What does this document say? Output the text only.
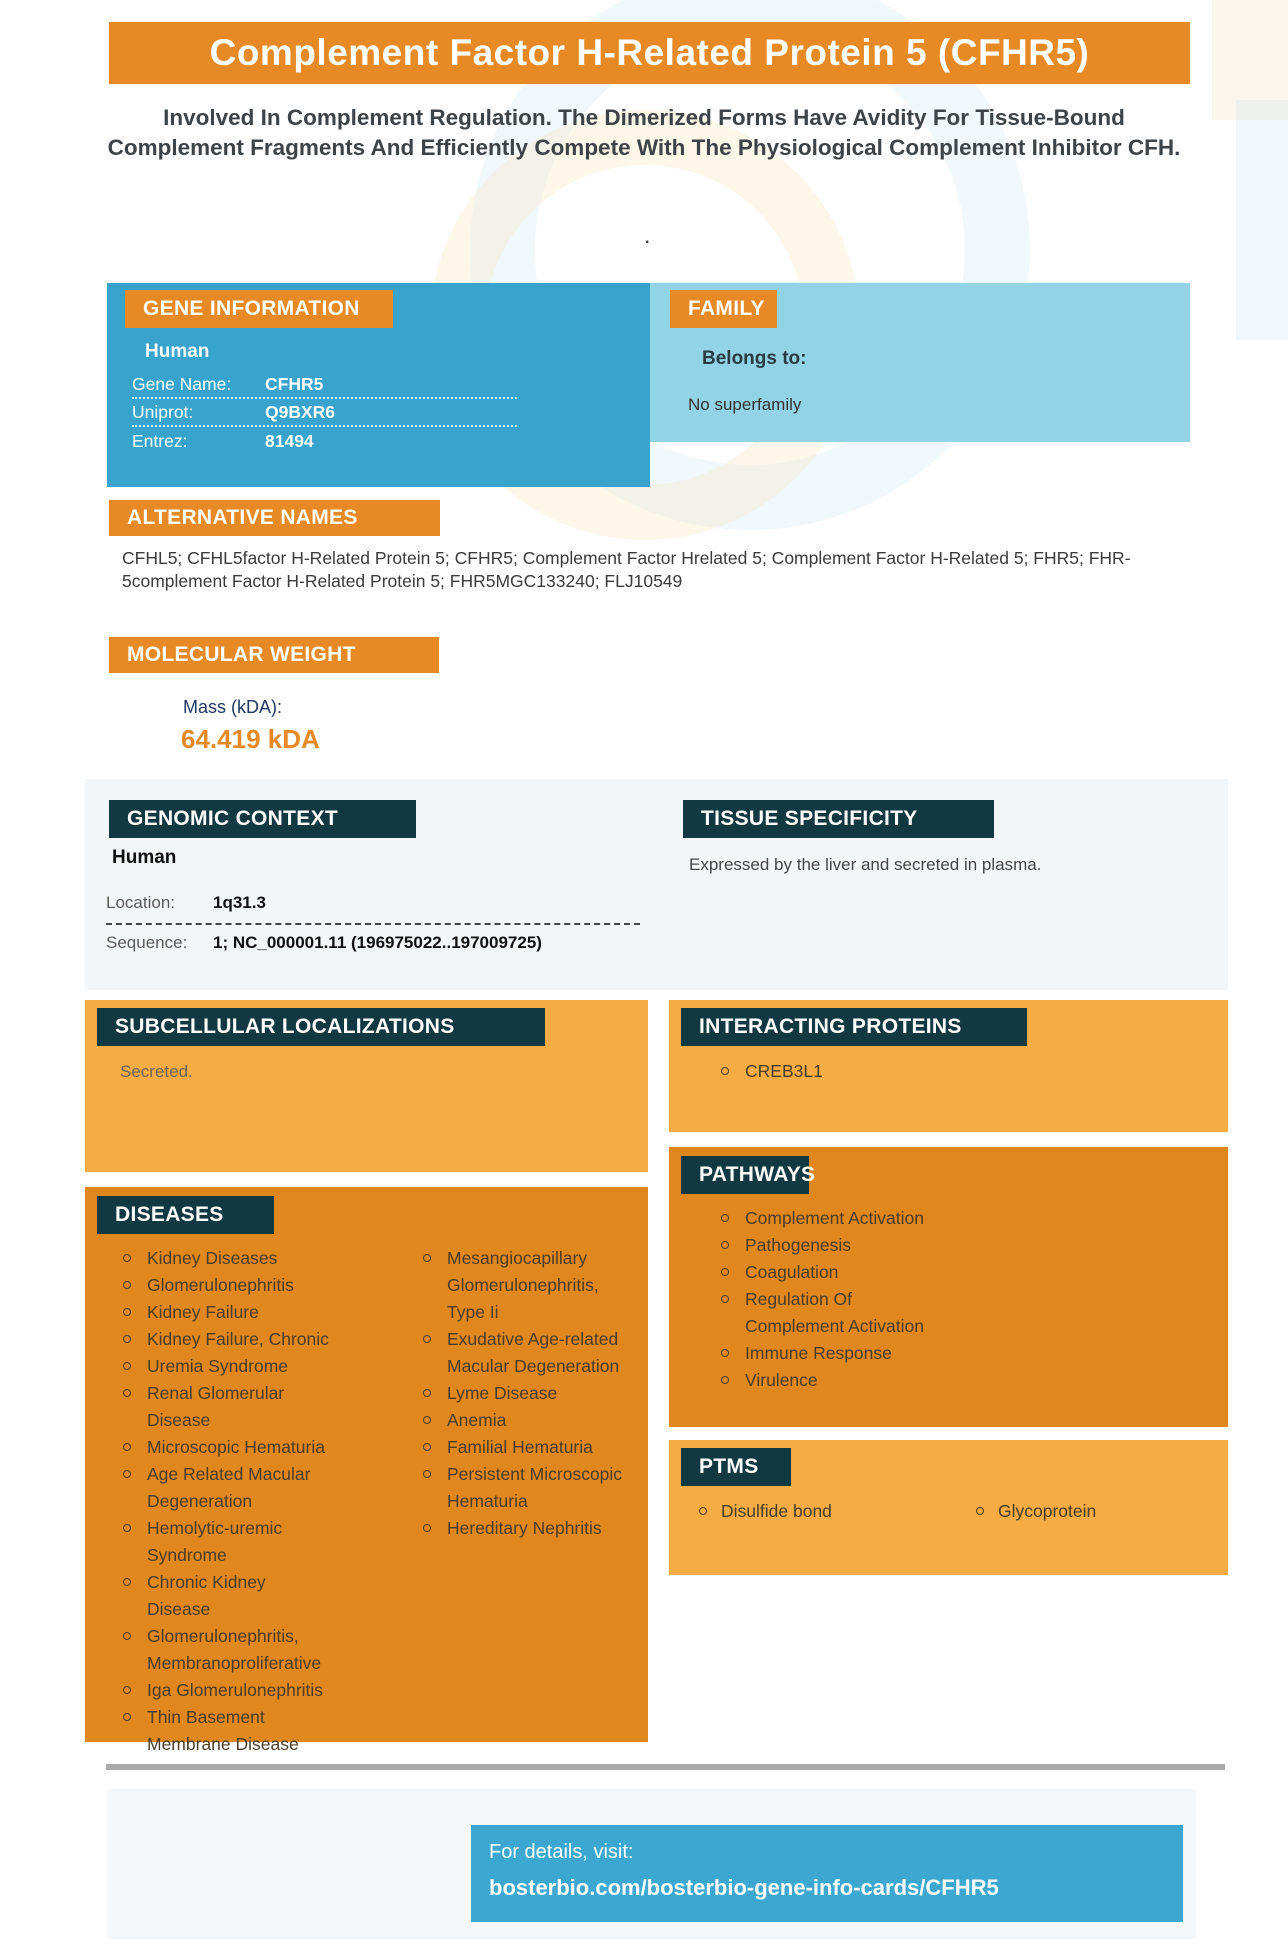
Complement Factor H-Related Protein 5 (CFHR5)
Involved In Complement Regulation. The Dimerized Forms Have Avidity For Tissue-Bound Complement Fragments And Efficiently Compete With The Physiological Complement Inhibitor CFH.
.
GENE INFORMATION
Human
Gene Name:	CFHR5
Uniprot:	Q9BXR6
Entrez:	81494
FAMILY
Belongs to:
No superfamily
ALTERNATIVE NAMES
CFHL5; CFHL5factor H-Related Protein 5; CFHR5; Complement Factor Hrelated 5; Complement Factor H-Related 5; FHR5; FHR-5complement Factor H-Related Protein 5; FHR5MGC133240; FLJ10549
MOLECULAR WEIGHT
Mass (kDA):
64.419 kDA
GENOMIC CONTEXT
Human
Location:	1q31.3
Sequence:	1; NC_000001.11 (196975022..197009725)
TISSUE SPECIFICITY
Expressed by the liver and secreted in plasma.
SUBCELLULAR LOCALIZATIONS
Secreted.
INTERACTING PROTEINS
CREB3L1
DISEASES
Kidney Diseases
Glomerulonephritis
Kidney Failure
Kidney Failure, Chronic
Uremia Syndrome
Renal Glomerular Disease
Microscopic Hematuria
Age Related Macular Degeneration
Hemolytic-uremic Syndrome
Chronic Kidney Disease
Glomerulonephritis, Membranoproliferative
Iga Glomerulonephritis
Thin Basement Membrane Disease
Mesangiocapillary Glomerulonephritis, Type Ii
Exudative Age-related Macular Degeneration
Lyme Disease
Anemia
Familial Hematuria
Persistent Microscopic Hematuria
Hereditary Nephritis
PATHWAYS
Complement Activation
Pathogenesis
Coagulation
Regulation Of Complement Activation
Immune Response
Virulence
PTMS
Disulfide bond	Glycoprotein
For details, visit:
bosterbio.com/bosterbio-gene-info-cards/CFHR5
